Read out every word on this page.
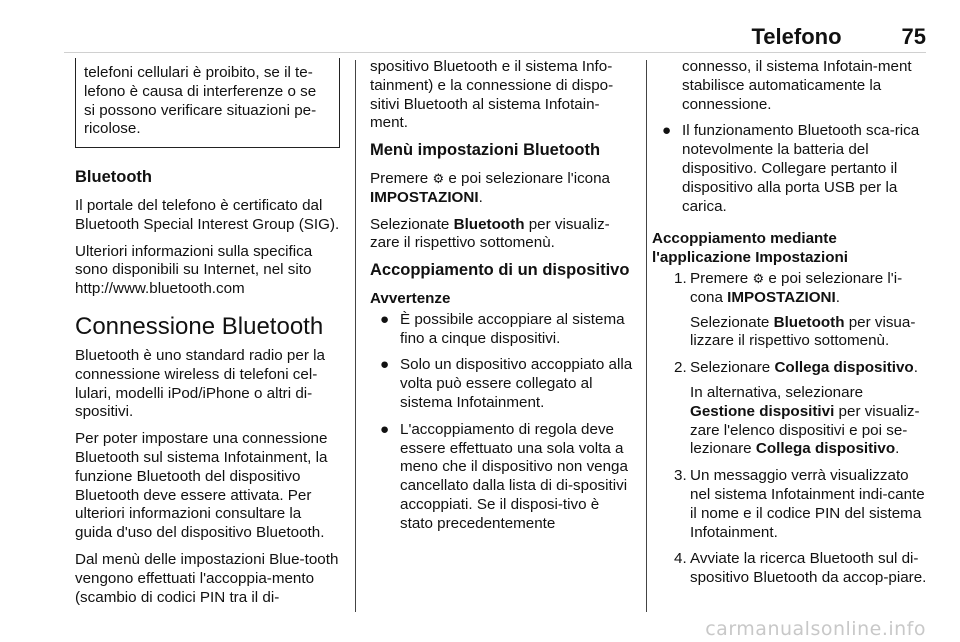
Telefono	75
telefoni cellulari è proibito, se il te-lefono è causa di interferenze o se si possono verificare situazioni pe-ricolose.
Bluetooth

Il portale del telefono è certificato dal Bluetooth Special Interest Group (SIG).

Ulteriori informazioni sulla specifica sono disponibili su Internet, nel sito http://www.bluetooth.com

Connessione Bluetooth

Bluetooth è uno standard radio per la connessione wireless di telefoni cel-lulari, modelli iPod/iPhone o altri di-spositivi.

Per poter impostare una connessione Bluetooth sul sistema Infotainment, la funzione Bluetooth del dispositivo Bluetooth deve essere attivata. Per ulteriori informazioni consultare la guida d'uso del dispositivo Bluetooth.

Dal menù delle impostazioni Blue-tooth vengono effettuati l'accoppia-mento (scambio di codici PIN tra il di-

spositivo Bluetooth e il sistema Info-tainment) e la connessione di dispo-sitivi Bluetooth al sistema Infotain-ment.

Menù impostazioni Bluetooth

Premere ⚙ e poi selezionare l'icona IMPOSTAZIONI.

Selezionate Bluetooth per visualiz-zare il rispettivo sottomenù.

Accoppiamento di un dispositivo
Avvertenze
● È possibile accoppiare al sistema fino a cinque dispositivi.
● Solo un dispositivo accoppiato alla volta può essere collegato al sistema Infotainment.
● L'accoppiamento di regola deve essere effettuato una sola volta a meno che il dispositivo non venga cancellato dalla lista di di-spositivi accoppiati. Se il disposi-tivo è stato precedentemente

connesso, il sistema Infotain-ment stabilisce automaticamente la connessione.

● Il funzionamento Bluetooth sca-rica notevolmente la batteria del dispositivo. Collegare pertanto il dispositivo alla porta USB per la carica.
Accoppiamento mediante
l'applicazione Impostazioni
1. Premere ⚙ e poi selezionare l'i-cona IMPOSTAZIONI.

Selezionate Bluetooth per visua-lizzare il rispettivo sottomenù.

2. Selezionare Collega dispositivo.

In alternativa, selezionare Gestione dispositivi per visualiz-zare l'elenco dispositivi e poi se-lezionare Collega dispositivo.

3. Un messaggio verrà visualizzato nel sistema Infotainment indi-cante il nome e il codice PIN del sistema Infotainment.

4. Avviate la ricerca Bluetooth sul di-spositivo Bluetooth da accop-piare.

carmanualsonline.info
